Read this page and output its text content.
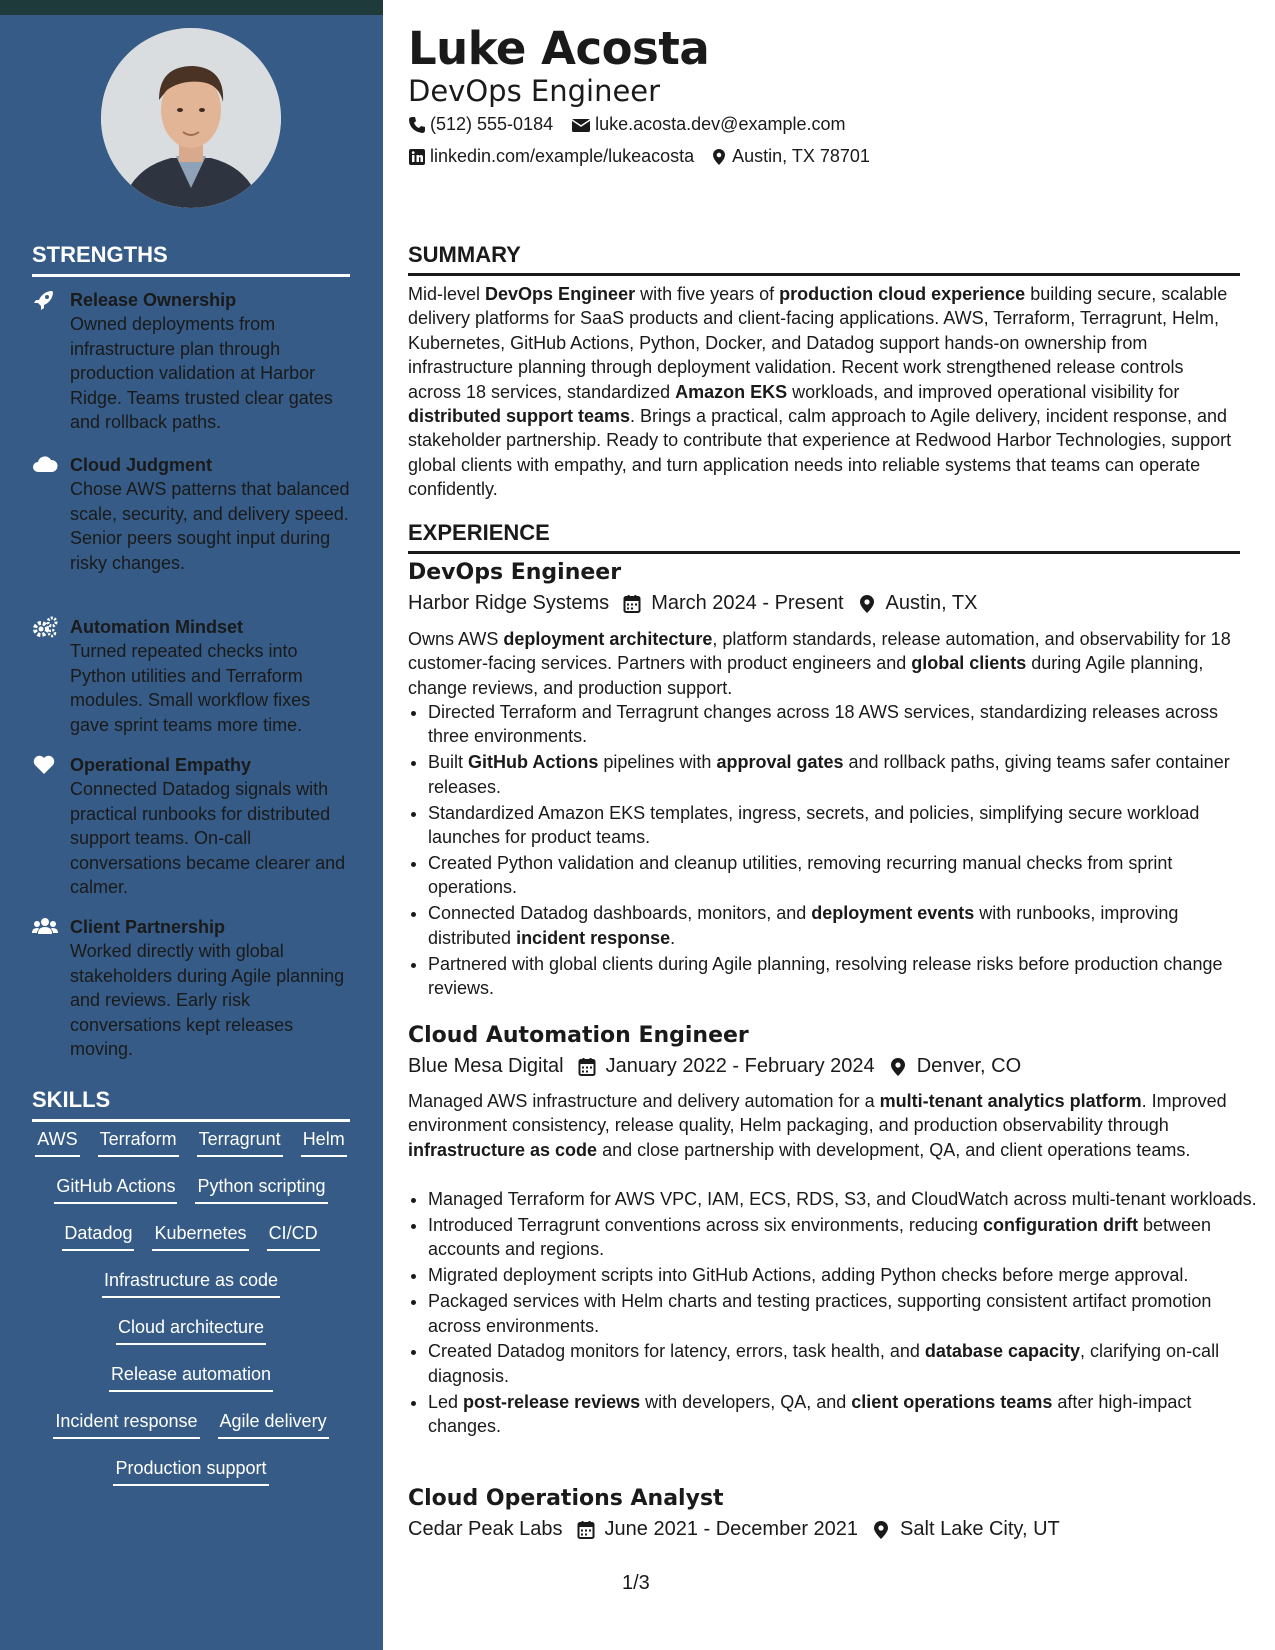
STRENGTHS
Release Ownership
Owned deployments from infrastructure plan through production validation at Harbor Ridge. Teams trusted clear gates and rollback paths.
Cloud Judgment
Chose AWS patterns that balanced scale, security, and delivery speed. Senior peers sought input during risky changes.
Automation Mindset
Turned repeated checks into Python utilities and Terraform modules. Small workflow fixes gave sprint teams more time.
Operational Empathy
Connected Datadog signals with practical runbooks for distributed support teams. On-call conversations became clearer and calmer.
Client Partnership
Worked directly with global stakeholders during Agile planning and reviews. Early risk conversations kept releases moving.
SKILLS
AWS Terraform Terragrunt Helm
GitHub Actions Python scripting
Datadog Kubernetes CI/CD
Infrastructure as code
Cloud architecture
Release automation
Incident response Agile delivery
Production support
Luke Acosta
DevOps Engineer
(512) 555-0184 luke.acosta.dev@example.com
linkedin.com/example/lukeacosta Austin, TX 78701
SUMMARY
Mid-level DevOps Engineer with five years of production cloud experience building secure, scalable delivery platforms for SaaS products and client-facing applications. AWS, Terraform, Terragrunt, Helm, Kubernetes, GitHub Actions, Python, Docker, and Datadog support hands-on ownership from infrastructure planning through deployment validation. Recent work strengthened release controls across 18 services, standardized Amazon EKS workloads, and improved operational visibility for distributed support teams. Brings a practical, calm approach to Agile delivery, incident response, and stakeholder partnership. Ready to contribute that experience at Redwood Harbor Technologies, support global clients with empathy, and turn application needs into reliable systems that teams can operate confidently.
EXPERIENCE
DevOps Engineer
Harbor Ridge Systems March 2024 - Present Austin, TX
Owns AWS deployment architecture, platform standards, release automation, and observability for 18 customer-facing services. Partners with product engineers and global clients during Agile planning, change reviews, and production support.
• Directed Terraform and Terragrunt changes across 18 AWS services, standardizing releases across three environments.
• Built GitHub Actions pipelines with approval gates and rollback paths, giving teams safer container releases.
• Standardized Amazon EKS templates, ingress, secrets, and policies, simplifying secure workload launches for product teams.
• Created Python validation and cleanup utilities, removing recurring manual checks from sprint operations.
• Connected Datadog dashboards, monitors, and deployment events with runbooks, improving distributed incident response.
• Partnered with global clients during Agile planning, resolving release risks before production change reviews.
Cloud Automation Engineer
Blue Mesa Digital January 2022 - February 2024 Denver, CO
Managed AWS infrastructure and delivery automation for a multi-tenant analytics platform. Improved environment consistency, release quality, Helm packaging, and production observability through infrastructure as code and close partnership with development, QA, and client operations teams.
• Managed Terraform for AWS VPC, IAM, ECS, RDS, S3, and CloudWatch across multi-tenant workloads.
• Introduced Terragrunt conventions across six environments, reducing configuration drift between accounts and regions.
• Migrated deployment scripts into GitHub Actions, adding Python checks before merge approval.
• Packaged services with Helm charts and testing practices, supporting consistent artifact promotion across environments.
• Created Datadog monitors for latency, errors, task health, and database capacity, clarifying on-call diagnosis.
• Led post-release reviews with developers, QA, and client operations teams after high-impact changes.
Cloud Operations Analyst
Cedar Peak Labs June 2021 - December 2021 Salt Lake City, UT
1/3
